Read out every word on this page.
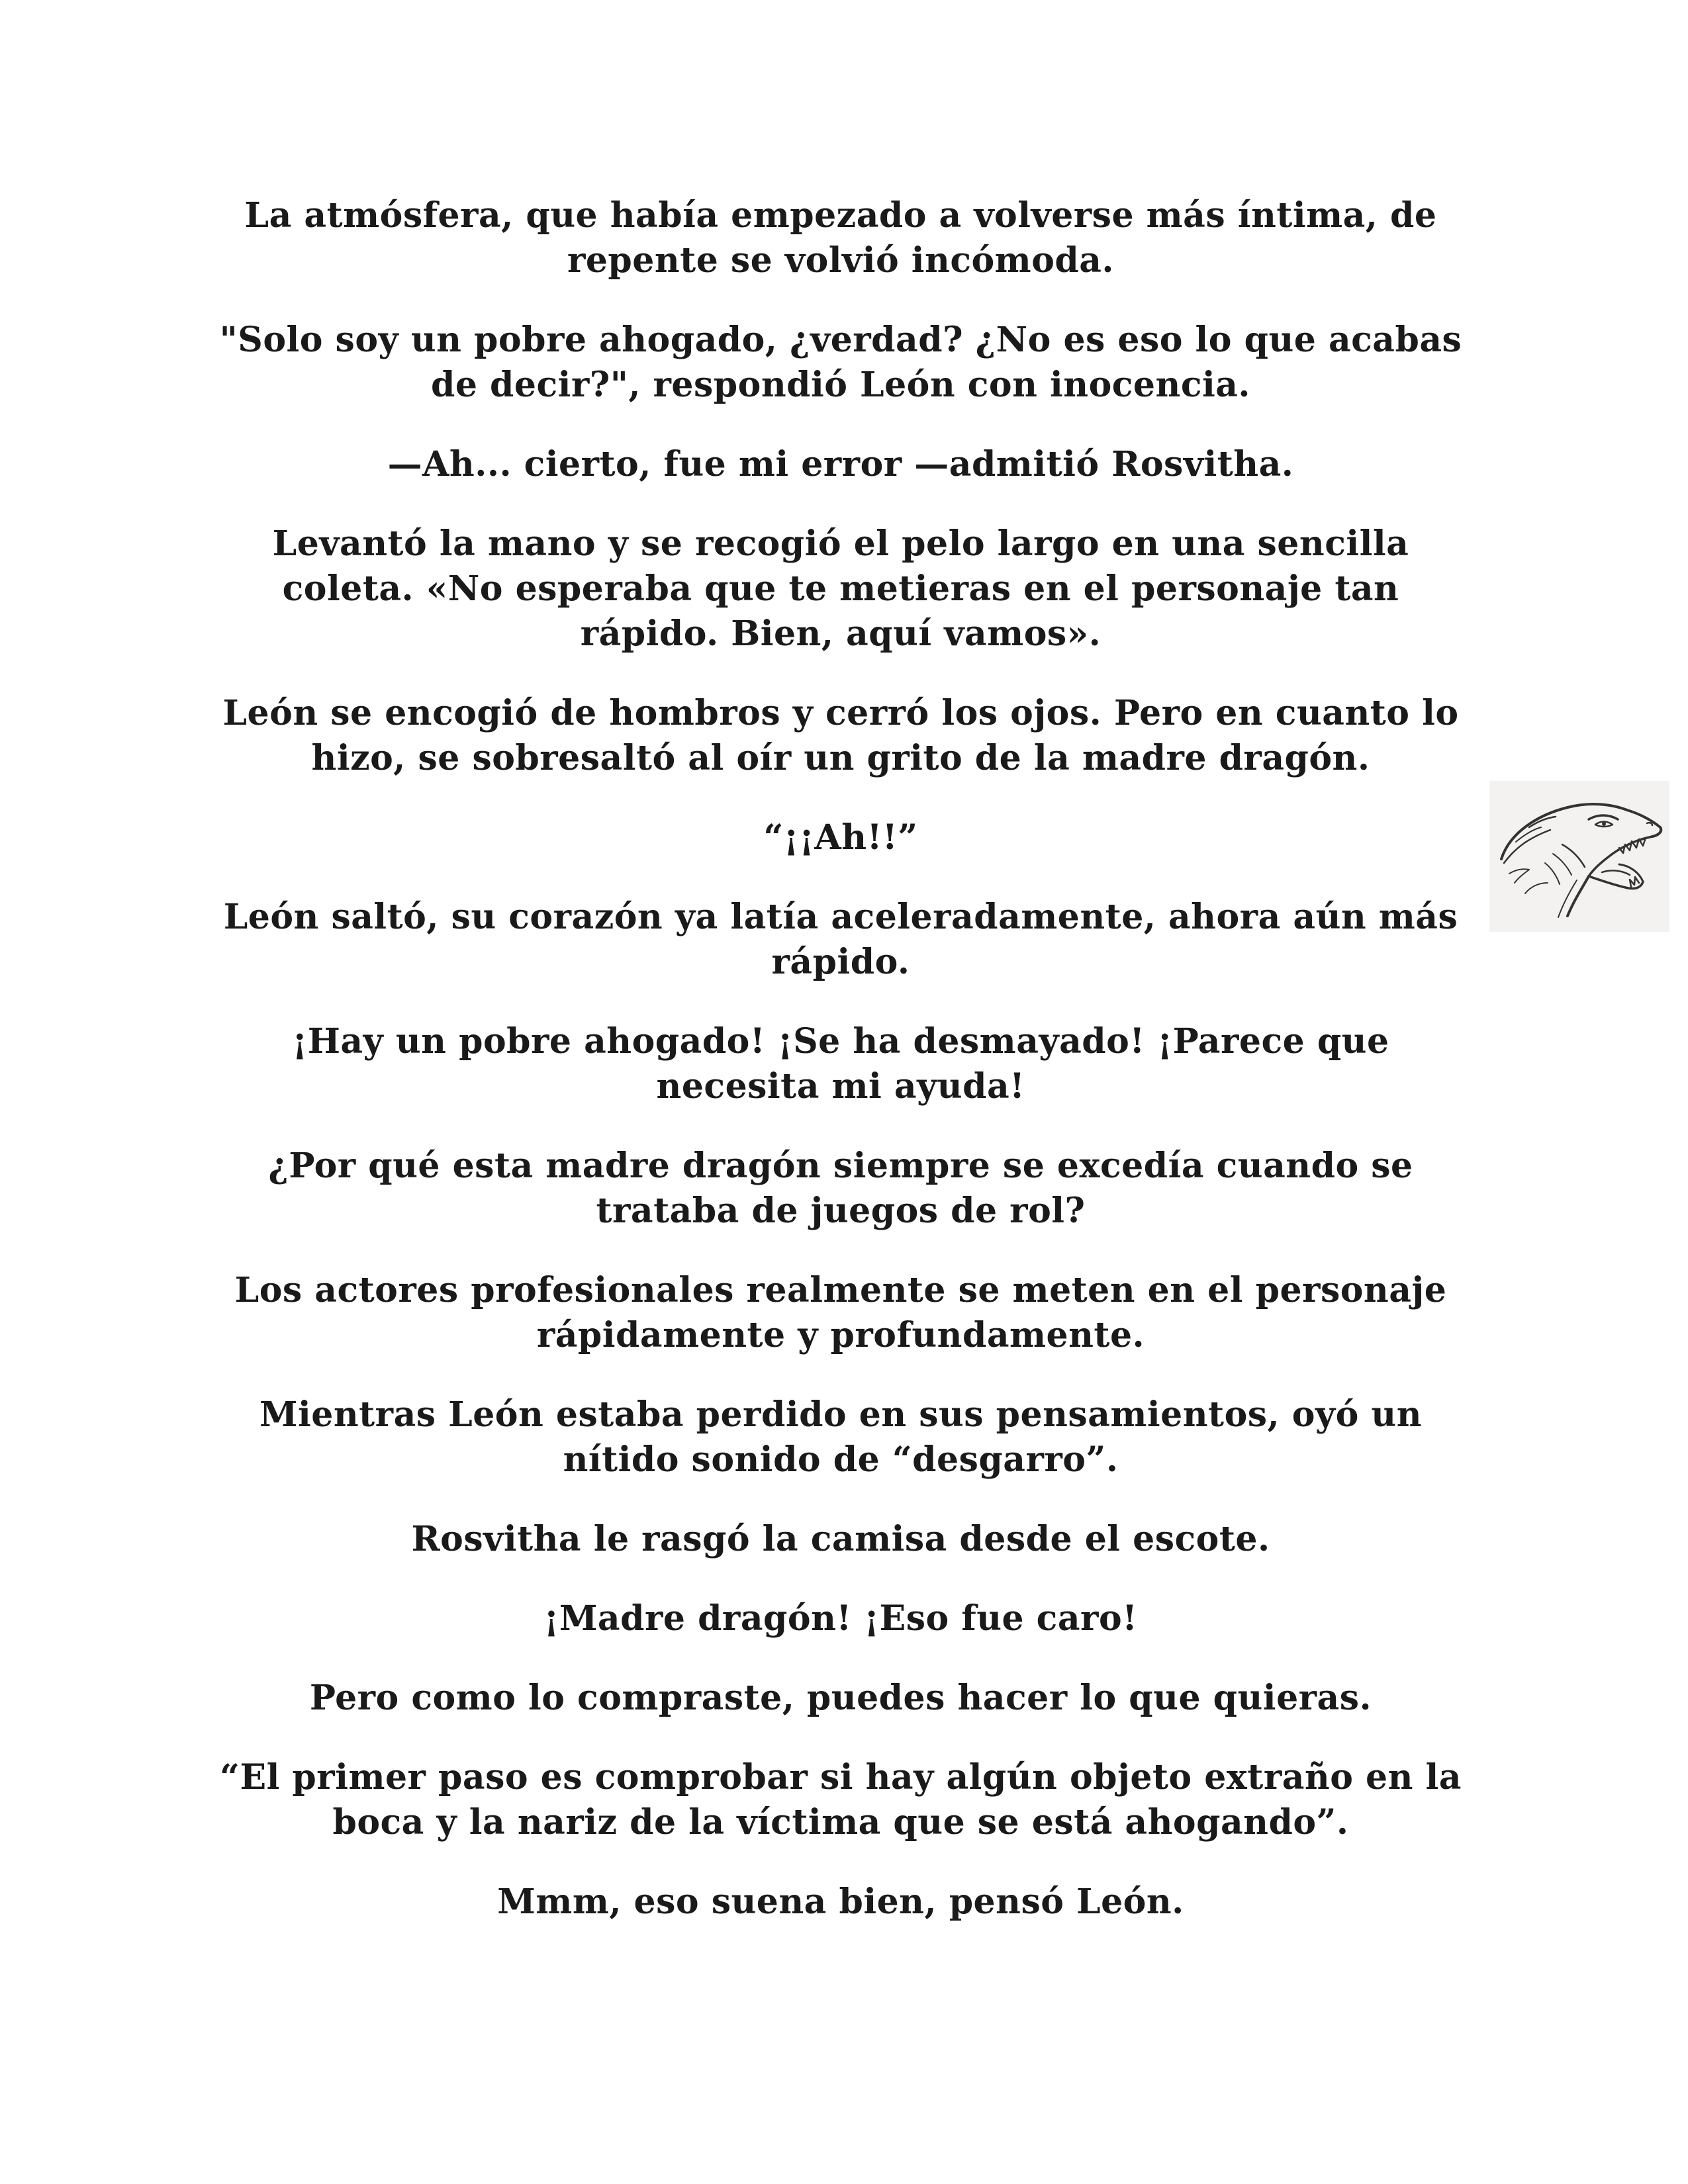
La atmósfera, que había empezado a volverse más íntima, de repente se volvió incómoda.

"Solo soy un pobre ahogado, ¿verdad? ¿No es eso lo que acabas de decir?", respondió León con inocencia.

—Ah... cierto, fue mi error —admitió Rosvitha.

Levantó la mano y se recogió el pelo largo en una sencilla coleta. «No esperaba que te metieras en el personaje tan rápido. Bien, aquí vamos».

León se encogió de hombros y cerró los ojos. Pero en cuanto lo hizo, se sobresaltó al oír un grito de la madre dragón.

“¡¡Ah!!”

León saltó, su corazón ya latía aceleradamente, ahora aún más rápido.

¡Hay un pobre ahogado! ¡Se ha desmayado! ¡Parece que necesita mi ayuda!

¿Por qué esta madre dragón siempre se excedía cuando se trataba de juegos de rol?

Los actores profesionales realmente se meten en el personaje rápidamente y profundamente.

Mientras León estaba perdido en sus pensamientos, oyó un nítido sonido de “desgarro”.

Rosvitha le rasgó la camisa desde el escote.

¡Madre dragón! ¡Eso fue caro!

Pero como lo compraste, puedes hacer lo que quieras.

“El primer paso es comprobar si hay algún objeto extraño en la boca y la nariz de la víctima que se está ahogando”.

Mmm, eso suena bien, pensó León.
